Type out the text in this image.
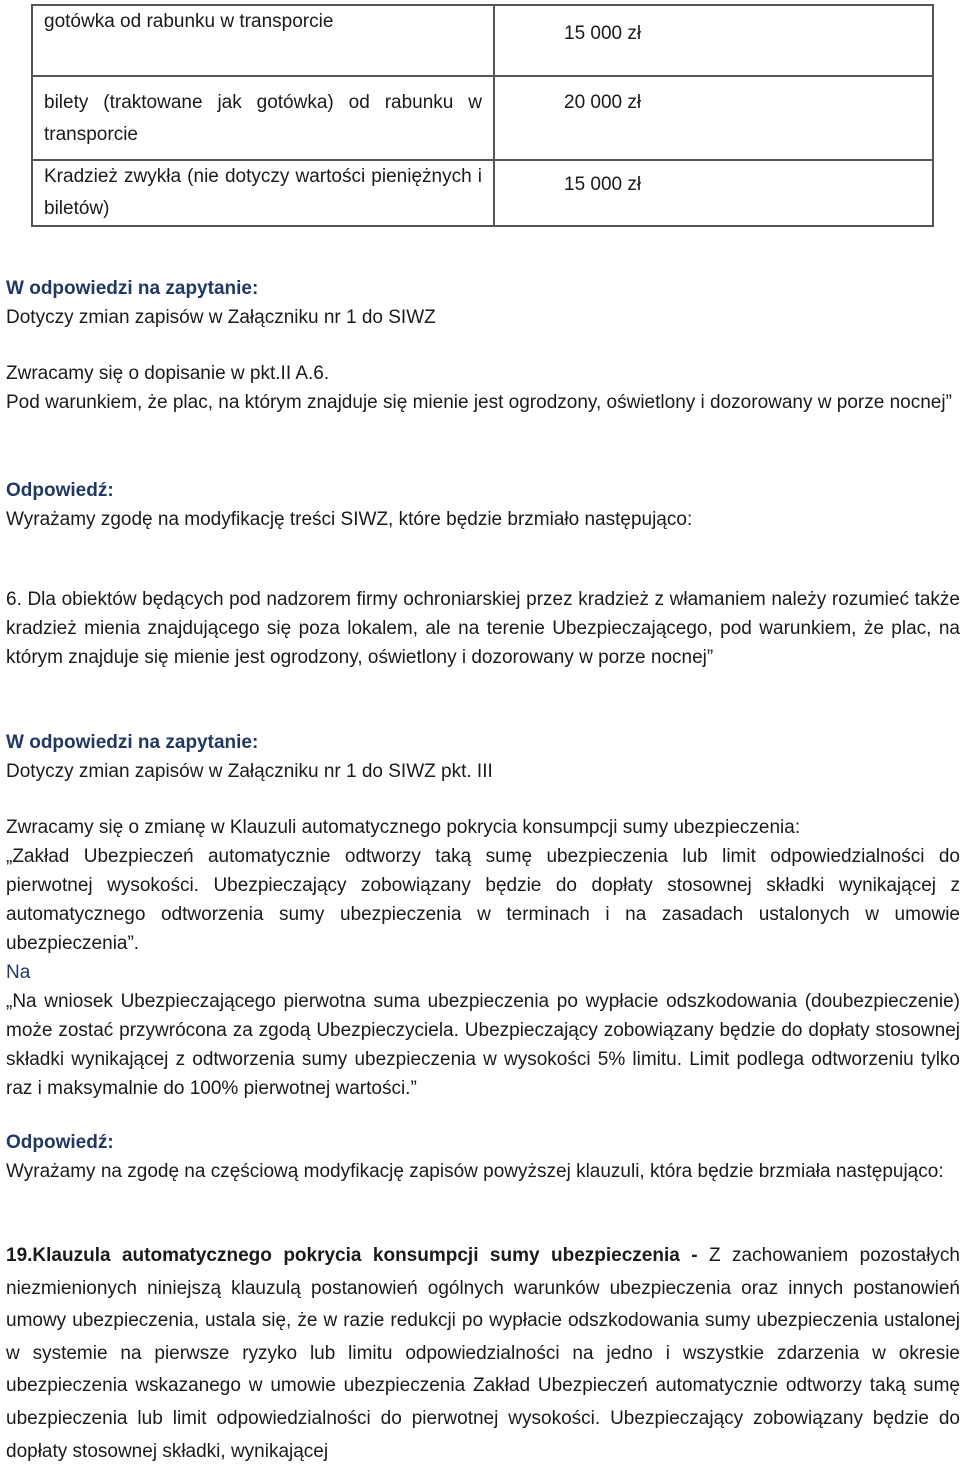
gotówka od rabunku w transporcie	15 000 zł
bilety (traktowane jak gotówka) od rabunku w transporcie	20 000 zł
Kradzież zwykła (nie dotyczy wartości pieniężnych i biletów)	15 000 zł
W odpowiedzi na zapytanie:
Dotyczy zmian zapisów w Załączniku nr 1 do SIWZ
Zwracamy się o dopisanie w pkt.II A.6.
Pod warunkiem, że plac, na którym znajduje się mienie jest ogrodzony, oświetlony i dozorowany w porze nocnej”
Odpowiedź:
Wyrażamy zgodę na modyfikację treści SIWZ, które będzie brzmiało następująco:
6. Dla obiektów będących pod nadzorem firmy ochroniarskiej przez kradzież z włamaniem należy rozumieć także kradzież mienia znajdującego się poza lokalem, ale na terenie Ubezpieczającego, pod warunkiem, że plac, na którym znajduje się mienie jest ogrodzony, oświetlony i dozorowany w porze nocnej”
W odpowiedzi na zapytanie:
Dotyczy zmian zapisów w Załączniku nr 1 do SIWZ pkt. III
Zwracamy się o zmianę w Klauzuli automatycznego pokrycia konsumpcji sumy ubezpieczenia:
„Zakład Ubezpieczeń automatycznie odtworzy taką sumę ubezpieczenia lub limit odpowiedzialności do pierwotnej wysokości. Ubezpieczający zobowiązany będzie do dopłaty stosownej składki wynikającej z automatycznego odtworzenia sumy ubezpieczenia w terminach i na zasadach ustalonych w umowie ubezpieczenia”.
Na
„Na wniosek Ubezpieczającego pierwotna suma ubezpieczenia po wypłacie odszkodowania (doubezpieczenie) może zostać przywrócona za zgodą Ubezpieczyciela. Ubezpieczający zobowiązany będzie do dopłaty stosownej składki wynikającej z odtworzenia sumy ubezpieczenia w wysokości 5% limitu. Limit podlega odtworzeniu tylko raz i maksymalnie do 100% pierwotnej wartości.”
Odpowiedź:
Wyrażamy na zgodę na częściową modyfikację zapisów powyższej klauzuli, która będzie brzmiała następująco:
19.Klauzula automatycznego pokrycia konsumpcji sumy ubezpieczenia - Z zachowaniem pozostałych niezmienionych niniejszą klauzulą postanowień ogólnych warunków ubezpieczenia oraz innych postanowień umowy ubezpieczenia, ustala się, że w razie redukcji po wypłacie odszkodowania sumy ubezpieczenia ustalonej w systemie na pierwsze ryzyko lub limitu odpowiedzialności na jedno i wszystkie zdarzenia w okresie ubezpieczenia wskazanego w umowie ubezpieczenia Zakład Ubezpieczeń automatycznie odtworzy taką sumę ubezpieczenia lub limit odpowiedzialności do pierwotnej wysokości. Ubezpieczający zobowiązany będzie do dopłaty stosownej składki, wynikającej
